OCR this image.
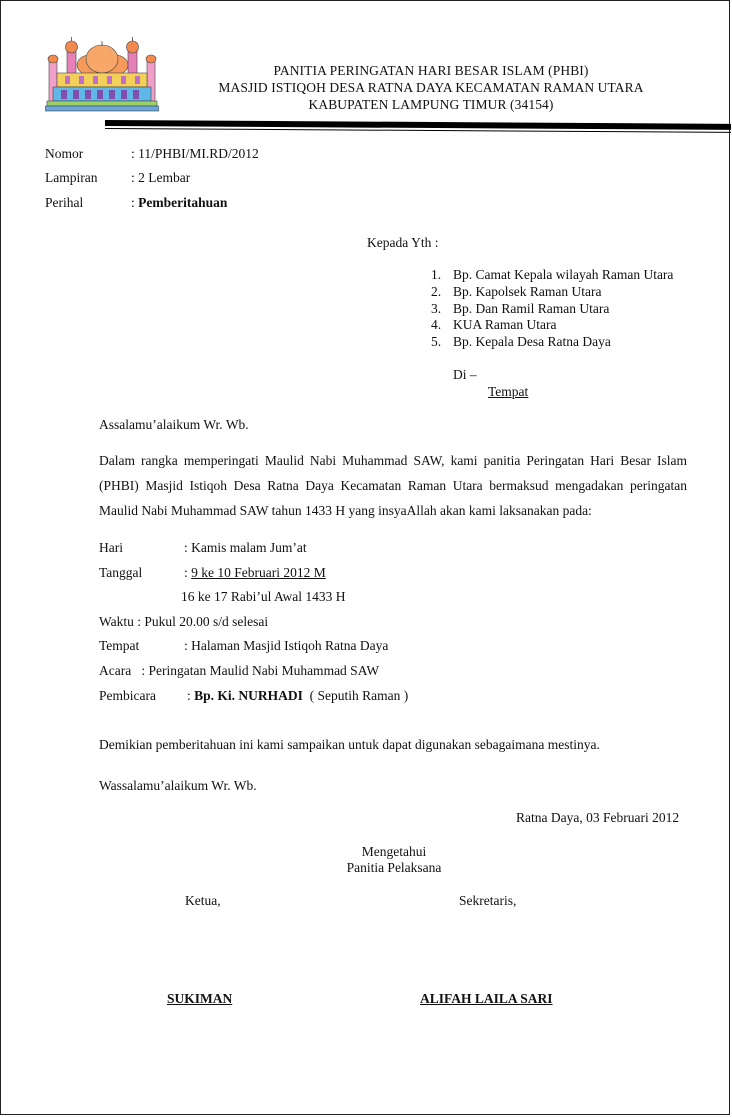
PANITIA PERINGATAN HARI BESAR ISLAM (PHBI)
MASJID ISTIQOH DESA RATNA DAYA KECAMATAN RAMAN UTARA
KABUPATEN LAMPUNG TIMUR (34154)
Nomor	: 11/PHBI/MI.RD/2012
Lampiran : 2 Lembar
Perihal	: Pemberitahuan
Kepada Yth :
1. Bp. Camat Kepala wilayah Raman Utara
2. Bp. Kapolsek Raman Utara
3. Bp. Dan Ramil Raman Utara
4. KUA Raman Utara
5. Bp. Kepala Desa Ratna Daya
Di –
Tempat
Assalamu’alaikum Wr. Wb.
Dalam rangka memperingati Maulid Nabi Muhammad SAW, kami panitia Peringatan Hari Besar Islam (PHBI) Masjid Istiqoh Desa Ratna Daya Kecamatan Raman Utara bermaksud mengadakan peringatan Maulid Nabi Muhammad SAW tahun 1433 H yang insyaAllah akan kami laksanakan pada:
Hari	: Kamis malam Jum’at
Tanggal	: 9 ke 10 Februari 2012 M
16 ke 17 Rabi’ul Awal 1433 H
Waktu : Pukul 20.00 s/d selesai
Tempat	: Halaman Masjid Istiqoh Ratna Daya
Acara   : Peringatan Maulid Nabi Muhammad SAW
Pembicara : Bp. Ki. NURHADI  ( Seputih Raman )
Demikian pemberitahuan ini kami sampaikan untuk dapat digunakan sebagaimana mestinya.
Wassalamu’alaikum Wr. Wb.
Ratna Daya, 03 Februari 2012
Mengetahui
Panitia Pelaksana
Ketua,	Sekretaris,
SUKIMAN	ALIFAH LAILA SARI
